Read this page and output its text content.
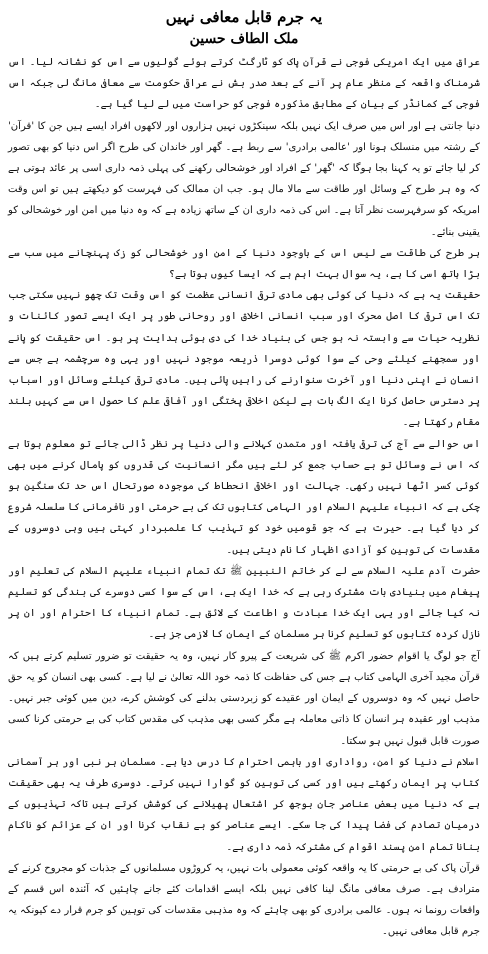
یہ جرم قابل معافی نہیں
ملک الطاف حسین

عراق میں ایک امریکی فوجی نے قرآن پاک کو ٹارگٹ کرتے ہوئے گولیوں سے اس کو نشانہ لیا۔ اس شرمناک واقعہ کے منظر عام پر آنے کے بعد صدر بش نے عراقی حکومت سے معافی مانگ لی جبکہ اس فوجی کے کمانڈر کے بیان کے مطابق مذکورہ فوجی کو حراست میں لے لیا گیا ہے۔

دنیا جانتی ہے اور اس میں صرف ایک نہیں بلکہ سینکڑوں نہیں ہزاروں اور لاکھوں افراد ایسے ہیں جن کا 'قرآن' کے رشتہ میں منسلک ہونا اور 'عالمی برادری' سے ربط ہے۔ گھر اور خاندان کی طرح اگر اس دنیا کو بھی تصور کر لیا جائے تو یہ کہنا بجا ہوگا کہ 'گھر' کے افراد اور خوشحالی رکھنے کی پہلی ذمہ داری اسی پر عائد ہوتی ہے کہ وہ ہر طرح کے وسائل اور طاقت سے مالا مال ہو۔ جب ان ممالک کی فہرست کو دیکھتے ہیں تو اس وقت امریکہ کو سرفہرست نظر آتا ہے۔ اس کی ذمہ داری ان کے ساتھ زیادہ ہے کہ وہ دنیا میں امن اور خوشحالی کو یقینی بنائے۔

ہر طرح کی طاقت سے لیس اس کے باوجود دنیا کے امن اور خوشحالی کو زک پہنچانے میں سب سے بڑا ہاتھ اسی کا ہے، یہ سوال بہت اہم ہے کہ ایسا کیوں ہوتا ہے؟

حقیقت یہ ہے کہ دنیا کی کوئی بھی مادی ترقی انسانی عظمت کو اس وقت تک چھو نہیں سکتی جب تک اس ترقی کا اصل محرک اور سبب انسانی اخلاق اور روحانی طور پر ایک ایسے تصور کائنات و نظریہ حیات سے وابستہ نہ ہو جس کی بنیاد خدا کی دی ہوئی ہدایت پر ہو۔ اس حقیقت کو پانے اور سمجھنے کیلئے وحی کے سوا کوئی دوسرا ذریعہ موجود نہیں اور یہی وہ سرچشمہ ہے جس سے انسان نے اپنی دنیا اور آخرت سنوارنے کی راہیں پائی ہیں۔ مادی ترقی کیلئے وسائل اور اسباب پر دسترس حاصل کرنا ایک الگ بات ہے لیکن اخلاقی پختگی اور آفاقی علم کا حصول اس سے کہیں بلند مقام رکھتا ہے۔

اس حوالے سے آج کی ترقی یافتہ اور متمدن کہلانے والی دنیا پر نظر ڈالی جائے تو معلوم ہوتا ہے کہ اس نے وسائل تو بے حساب جمع کر لئے ہیں مگر انسانیت کی قدروں کو پامال کرنے میں بھی کوئی کسر اٹھا نہیں رکھی۔ جہالت اور اخلاقی انحطاط کی موجودہ صورتحال اس حد تک سنگین ہو چکی ہے کہ انبیاء علیہم السلام اور الہامی کتابوں تک کی بے حرمتی اور نافرمانی کا سلسلہ شروع کر دیا گیا ہے۔ حیرت ہے کہ جو قومیں خود کو تہذیب کا علمبردار کہتی ہیں وہی دوسروں کے مقدسات کی توہین کو آزادی اظہار کا نام دیتی ہیں۔

حضرت آدم علیہ السلام سے لے کر خاتم النبیین ﷺ تک تمام انبیاء علیہم السلام کی تعلیم اور پیغام میں بنیادی بات مشترک رہی ہے کہ خدا ایک ہے، اس کے سوا کسی دوسرے کی بندگی کو تسلیم نہ کیا جائے اور یہی ایک خدا عبادت و اطاعت کے لائق ہے۔ تمام انبیاء کا احترام اور ان پر نازل کردہ کتابوں کو تسلیم کرنا ہر مسلمان کے ایمان کا لازمی جز ہے۔

آج جو لوگ یا اقوام حضور اکرم ﷺ کی شریعت کے پیرو کار نہیں، وہ یہ حقیقت تو ضرور تسلیم کرتے ہیں کہ قرآن مجید آخری الہامی کتاب ہے جس کی حفاظت کا ذمہ خود اللہ تعالیٰ نے لیا ہے۔ کسی بھی انسان کو یہ حق حاصل نہیں کہ وہ دوسروں کے ایمان اور عقیدے کو زبردستی بدلنے کی کوشش کرے، دین میں کوئی جبر نہیں۔ مذہب اور عقیدہ ہر انسان کا ذاتی معاملہ ہے مگر کسی بھی مذہب کی مقدس کتاب کی بے حرمتی کرنا کسی صورت قابل قبول نہیں ہو سکتا۔

اسلام نے دنیا کو امن، رواداری اور باہمی احترام کا درس دیا ہے۔ مسلمان ہر نبی اور ہر آسمانی کتاب پر ایمان رکھتے ہیں اور کسی کی توہین کو گوارا نہیں کرتے۔ دوسری طرف یہ بھی حقیقت ہے کہ دنیا میں بعض عناصر جان بوجھ کر اشتعال پھیلانے کی کوشش کرتے ہیں تاکہ تہذیبوں کے درمیان تصادم کی فضا پیدا کی جا سکے۔ ایسے عناصر کو بے نقاب کرنا اور ان کے عزائم کو ناکام بنانا تمام امن پسند اقوام کی مشترکہ ذمہ داری ہے۔

قرآن پاک کی بے حرمتی کا یہ واقعہ کوئی معمولی بات نہیں، یہ کروڑوں مسلمانوں کے جذبات کو مجروح کرنے کے مترادف ہے۔ صرف معافی مانگ لینا کافی نہیں بلکہ ایسے اقدامات کئے جانے چاہئیں کہ آئندہ اس قسم کے واقعات رونما نہ ہوں۔ عالمی برادری کو بھی چاہئے کہ وہ مذہبی مقدسات کی توہین کو جرم قرار دے کیونکہ یہ جرم قابل معافی نہیں۔
